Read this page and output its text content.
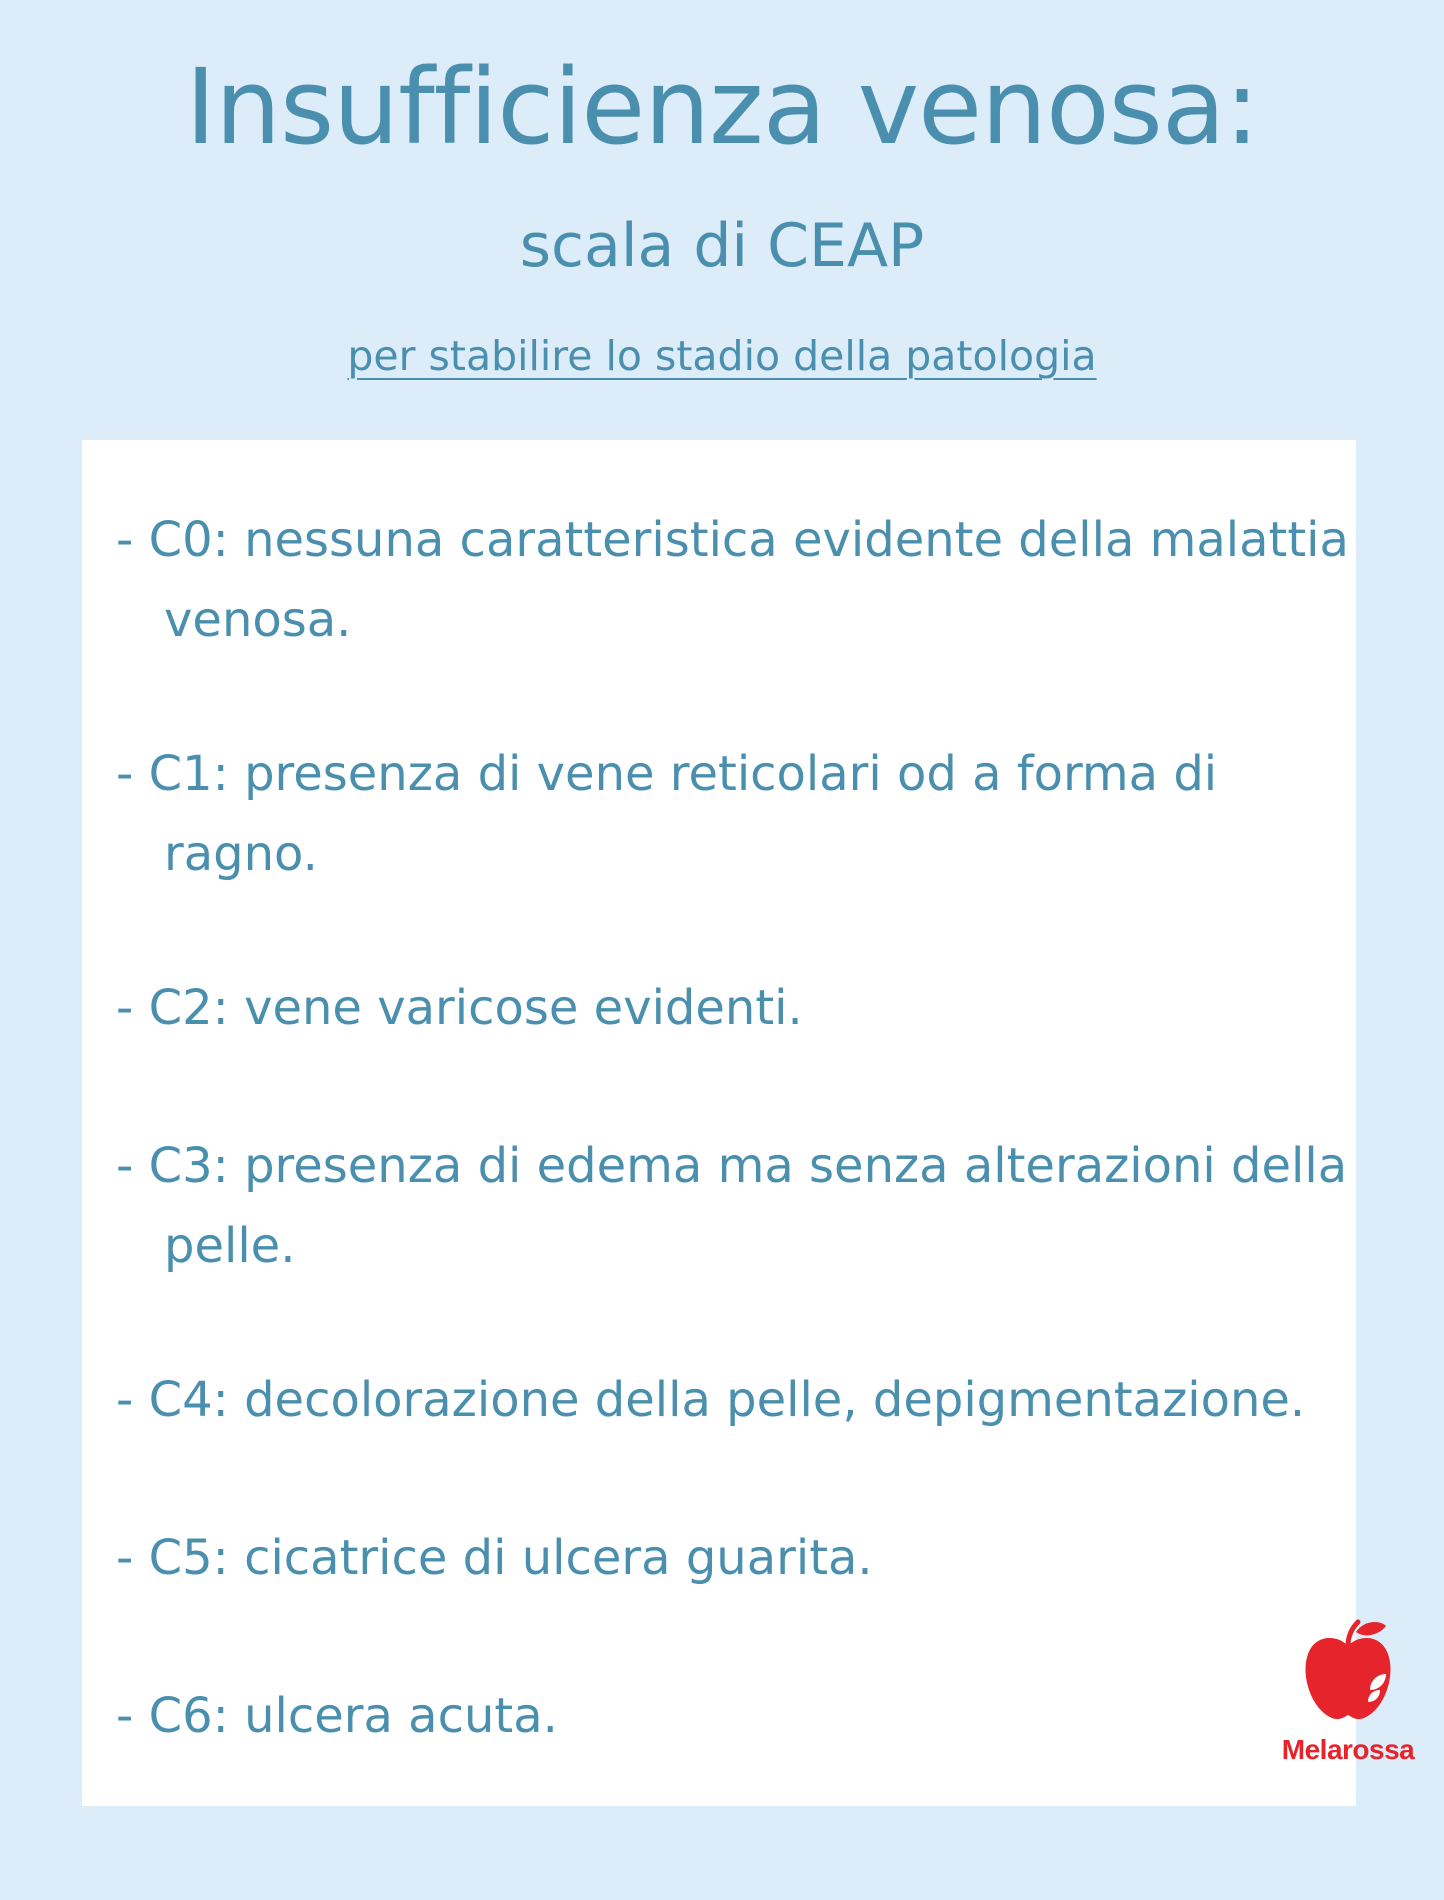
Insufficienza venosa:
scala di CEAP
per stabilire lo stadio della patologia
- C0: nessuna caratteristica evidente della malattia venosa.
- C1: presenza di vene reticolari od a forma di ragno.
- C2: vene varicose evidenti.
- C3: presenza di edema ma senza alterazioni della pelle.
- C4: decolorazione della pelle, depigmentazione.
- C5: cicatrice di ulcera guarita.
- C6: ulcera acuta.
Melarossa
